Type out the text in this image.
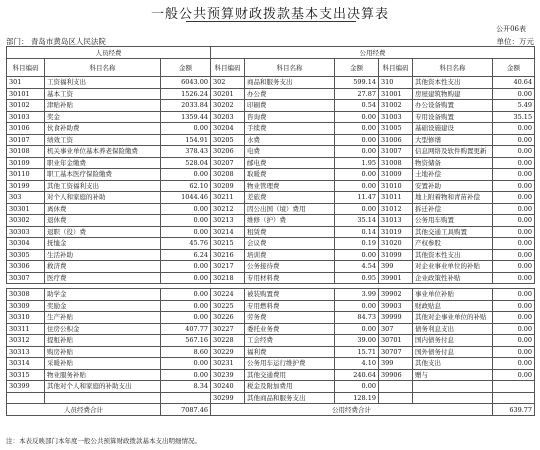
一般公共预算财政拨款基本支出决算表
公开06表
部门： 青岛市黄岛区人民法院	单位：万元
人员经费			公用经费					
科目编码	科目名称	金额	科目编码	科目名称	金额	科目编码	科目名称	金额
301	工资福利支出	6043.00	302	商品和服务支出	599.14	310	其他资本性支出	40.64
30101	基本工资	1526.24	30201	办公费	27.87	31001	房屋建筑物购建	0.00
30102	津贴补贴	2033.84	30202	印刷费	0.54	31002	办公设备购置	5.49
30103	奖金	1359.44	30203	咨询费	0.00	31003	专用设备购置	35.15
30106	伙食补助费	0.00	30204	手续费	0.00	31005	基础设施建设	0.00
30107	绩效工资	154.91	30205	水费	0.00	31006	大型修缮	0.00
30108	机关事业单位基本养老保险缴费	378.43	30206	电费	0.00	31007	信息网络及软件购置更新	0.00
30109	职业年金缴费	528.04	30207	邮电费	1.95	31008	物资储备	0.00
30110	职工基本医疗保险缴费	0.00	30208	取暖费	0.00	31009	土地补偿	0.00
30199	其他工资福利支出	62.10	30209	物业管理费	0.00	31010	安置补助	0.00
303	对个人和家庭的补助	1044.46	30211	差旅费	11.47	31011	地上附着物和青苗补偿	0.00
30301	离休费	0.00	30212	因公出国（境）费用	0.00	31012	拆迁补偿	0.00
30302	退休费	0.00	30213	维修（护）费	35.14	31013	公务用车购置	0.00
30303	退职（役）费	0.00	30214	租赁费	0.14	31019	其他交通工具购置	0.00
30304	抚恤金	45.76	30215	会议费	0.19	31020	产权参股	0.00
30305	生活补助	6.24	30216	培训费	0.00	31099	其他资本性支出	0.00
30306	救济费	0.00	30217	公务接待费	4.54	399	对企业事业单位的补贴	0.00
30307	医疗费	0.00	30218	专用材料费	0.95	39901	企业政策性补贴	0.00

30308	助学金	0.00	30224	被装购置费	3.99	39902	事业单位补贴	0.00
30309	奖励金	0.00	30225	专用燃料费	0.00	39903	财政贴息	0.00
30310	生产补贴	0.00	30226	劳务费	84.73	39999	其他对企事业单位的补贴	0.00
30311	住房公积金	407.77	30227	委托业务费	0.00	307	债务利息支出	0.00
30312	提租补贴	567.16	30228	工会经费	39.00	30701	国内债务付息	0.00
30313	购房补贴	8.60	30229	福利费	15.71	30707	国外债务付息	0.00
30314	采暖补贴	0.00	30231	公务用车运行维护费	4.10	399	其他支出	0.00
30315	物业服务补贴	0.00	30239	其他交通费用	240.64	39906	赠与	0.00
30399	其他对个人和家庭的补助支出	8.34	30240	税金及附加费用	0.00			
			30299	其他商品和服务支出	128.19			
人员经费合计		7087.46	公用经费合计					639.77
注：本表反映部门本年度一般公共预算财政拨款基本支出明细情况。
